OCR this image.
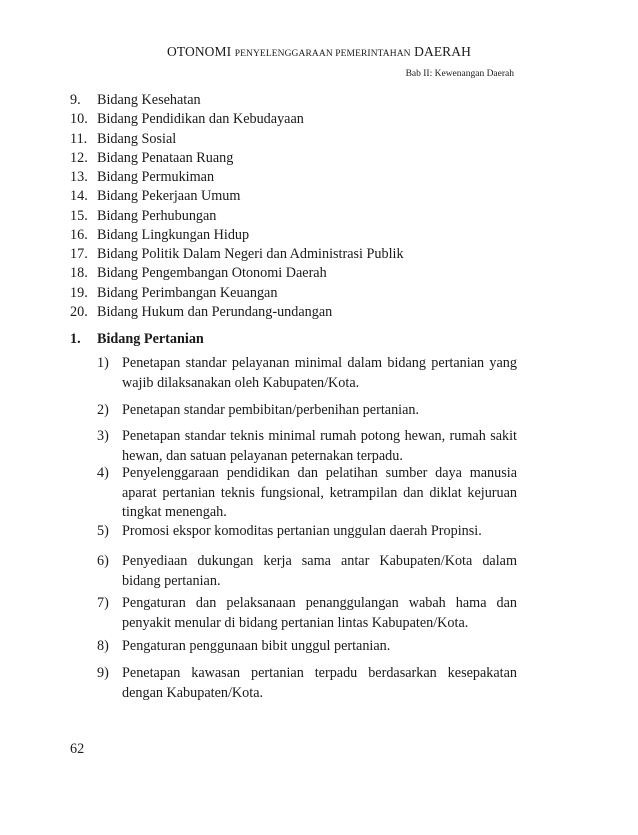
OTONOMI PENYELENGGARAAN PEMERINTAHAN DAERAH
Bab II: Kewenangan Daerah
9. Bidang Kesehatan
10. Bidang Pendidikan dan Kebudayaan
11. Bidang Sosial
12. Bidang Penataan Ruang
13. Bidang Permukiman
14. Bidang Pekerjaan Umum
15. Bidang Perhubungan
16. Bidang Lingkungan Hidup
17. Bidang Politik Dalam Negeri dan Administrasi Publik
18. Bidang Pengembangan Otonomi Daerah
19. Bidang Perimbangan Keuangan
20. Bidang Hukum dan Perundang-undangan
1. Bidang Pertanian
1) Penetapan standar pelayanan minimal dalam bidang pertanian yang wajib dilaksanakan oleh Kabupaten/Kota.
2) Penetapan standar pembibitan/perbenihan pertanian.
3) Penetapan standar teknis minimal rumah potong hewan, rumah sakit hewan, dan satuan pelayanan peternakan terpadu.
4) Penyelenggaraan pendidikan dan pelatihan sumber daya manusia aparat pertanian teknis fungsional, ketrampilan dan diklat kejuruan tingkat menengah.
5) Promosi ekspor komoditas pertanian unggulan daerah Propinsi.
6) Penyediaan dukungan kerja sama antar Kabupaten/Kota dalam bidang pertanian.
7) Pengaturan dan pelaksanaan penanggulangan wabah hama dan penyakit menular di bidang pertanian lintas Kabupaten/Kota.
8) Pengaturan penggunaan bibit unggul pertanian.
9) Penetapan kawasan pertanian terpadu berdasarkan kesepakatan dengan Kabupaten/Kota.
62
